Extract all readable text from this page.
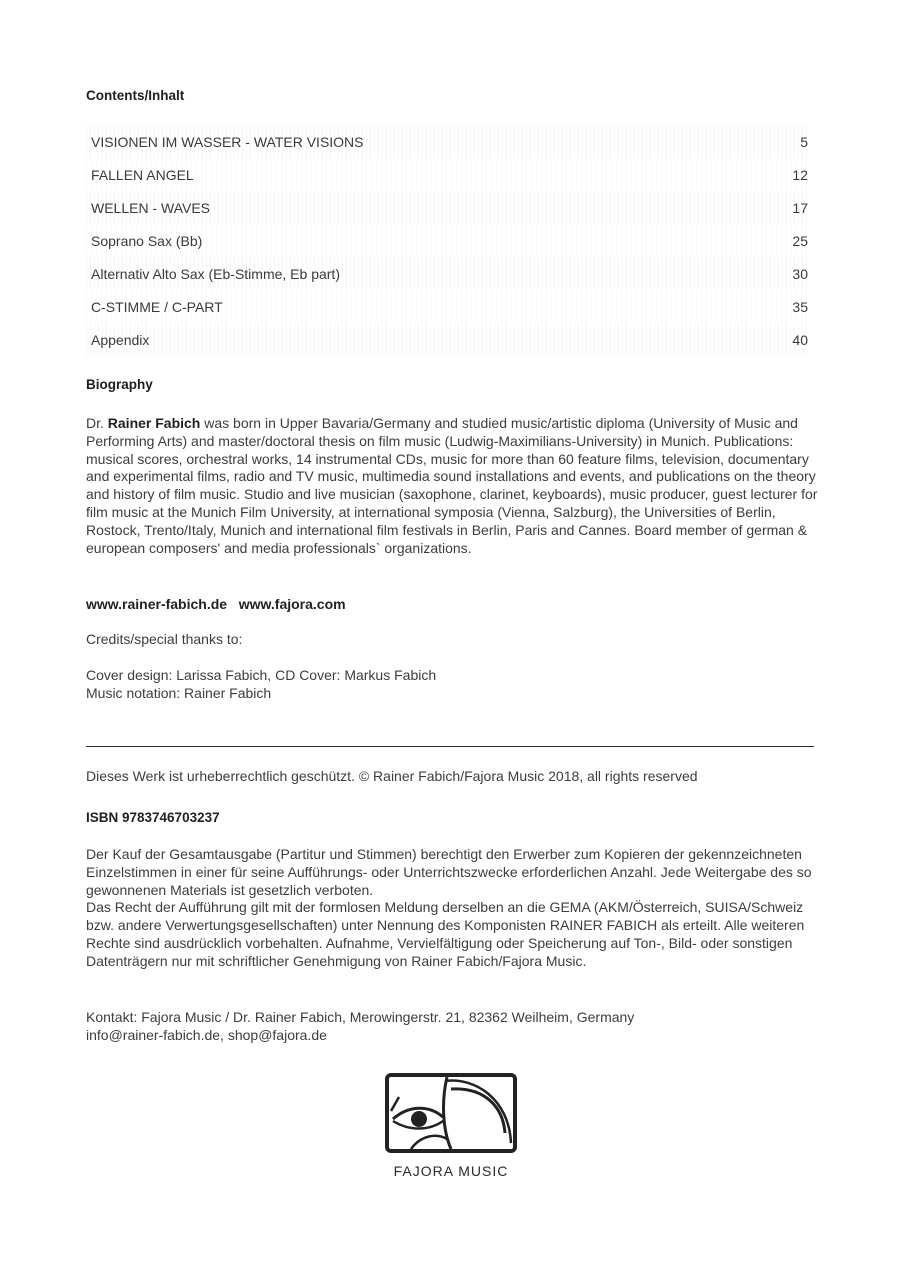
Contents/Inhalt
VISIONEN IM WASSER - WATER VISIONS	5
FALLEN ANGEL	12
WELLEN - WAVES	17
Soprano Sax (Bb)	25
Alternativ Alto Sax (Eb-Stimme, Eb part)	30
C-STIMME / C-PART	35
Appendix	40
Biography

Dr. Rainer Fabich was born in Upper Bavaria/Germany and studied music/artistic diploma (University of Music and Performing Arts) and master/doctoral thesis on film music (Ludwig-Maximilians-University) in Munich. Publications: musical scores, orchestral works, 14 instrumental CDs, music for more than 60 feature films, television, documentary and experimental films, radio and TV music, multimedia sound installations and events, and publications on the theory and history of film music. Studio and live musician (saxophone, clarinet, keyboards), music producer, guest lecturer for film music at the Munich Film University, at international symposia (Vienna, Salzburg), the Universities of Berlin, Rostock, Trento/Italy, Munich and international film festivals in Berlin, Paris and Cannes. Board member of german & european composers' and media professionals` organizations.

www.rainer-fabich.de www.fajora.com
Credits/special thanks to:

Cover design: Larissa Fabich, CD Cover: Markus Fabich

Music notation: Rainer Fabich

Dieses Werk ist urheberrechtlich geschützt. © Rainer Fabich/Fajora Music 2018, all rights reserved
ISBN 9783746703237

Der Kauf der Gesamtausgabe (Partitur und Stimmen) berechtigt den Erwerber zum Kopieren der gekennzeichneten Einzelstimmen in einer für seine Aufführungs- oder Unterrichtszwecke erforderlichen Anzahl. Jede Weitergabe des so gewonnenen Materials ist gesetzlich verboten.

Das Recht der Aufführung gilt mit der formlosen Meldung derselben an die GEMA (AKM/Österreich, SUISA/Schweiz bzw. andere Verwertungsgesellschaften) unter Nennung des Komponisten RAINER FABICH als erteilt. Alle weiteren Rechte sind ausdrücklich vorbehalten. Aufnahme, Vervielfältigung oder Speicherung auf Ton-, Bild- oder sonstigen Datenträgern nur mit schriftlicher Genehmigung von Rainer Fabich/Fajora Music.

Kontakt: Fajora Music / Dr. Rainer Fabich, Merowingerstr. 21, 82362 Weilheim, Germany

info@rainer-fabich.de, shop@fajora.de

FAJORA MUSIC
